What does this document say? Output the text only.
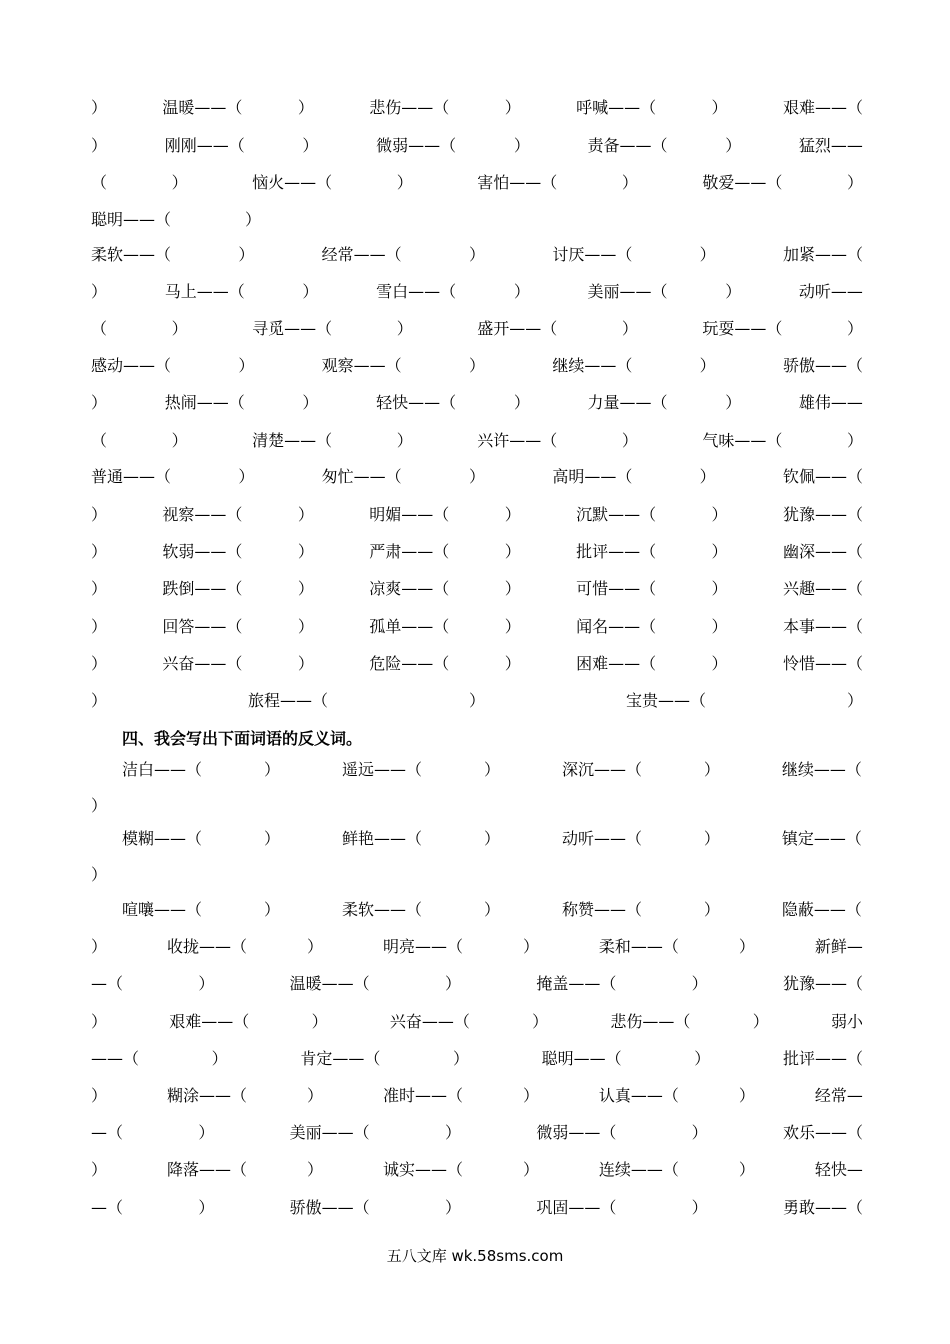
）	温暖——（	）	悲伤——（	）	呼喊——（	）	艰难——（
）	刚刚——（	）	微弱——（	）	责备——（	）	猛烈——
（	）	恼火——（	）	害怕——（	）	敬爱——（	）
聪明——（	）
柔软——（	）	经常——（	）	讨厌——（	）	加紧——（
）	马上——（	）	雪白——（	）	美丽——（	）	动听——
（	）	寻觅——（	）	盛开——（	）	玩耍——（	）
感动——（	）	观察——（	）	继续——（	）	骄傲——（
）	热闹——（	）	轻快——（	）	力量——（	）	雄伟——
（	）	清楚——（	）	兴许——（	）	气味——（	）
普通——（	）	匆忙——（	）	高明——（	）	钦佩——（
）	视察——（	）	明媚——（	）	沉默——（	）	犹豫——（
）	软弱——（	）	严肃——（	）	批评——（	）	幽深——（
）	跌倒——（	）	凉爽——（	）	可惜——（	）	兴趣——（
）	回答——（	）	孤单——（	）	闻名——（	）	本事——（
）	兴奋——（	）	危险——（	）	困难——（	）	怜惜——（
）	旅程——（	）	宝贵——（	）
四、我会写出下面词语的反义词。
洁白——（	）	遥远——（	）	深沉——（	）	继续——（
）
模糊——（	）	鲜艳——（	）	动听——（	）	镇定——（
）
喧嚷——（	）	柔软——（	）	称赞——（	）	隐蔽——（
）	收拢——（	）	明亮——（	）	柔和——（	）	新鲜—
—（	）	温暖——（	）	掩盖——（	）	犹豫——（
）	艰难——（	）	兴奋——（	）	悲伤——（	）	弱小
——（	）	肯定——（	）	聪明——（	）	批评——（
）	糊涂——（	）	准时——（	）	认真——（	）	经常—
—（	）	美丽——（	）	微弱——（	）	欢乐——（
）	降落——（	）	诚实——（	）	连续——（	）	轻快—
—（	）	骄傲——（	）	巩固——（	）	勇敢——（
五八文库 wk.58sms.com
